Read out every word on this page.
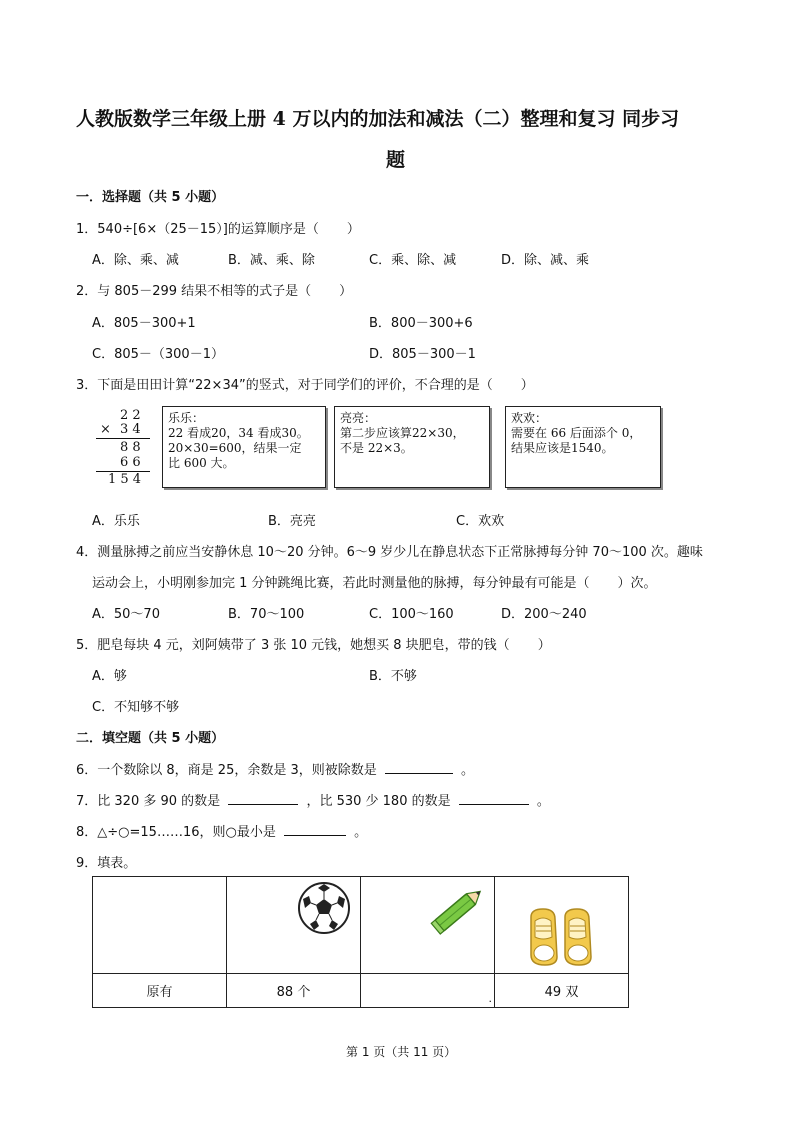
人教版数学三年级上册 4 万以内的加法和减法（二）整理和复习 同步习
题
一．选择题（共 5 小题）
1．540÷[6×（25－15）]的运算顺序是（ ）
A．除、乘、减	B．减、乘、除	C．乘、除、减	D．除、减、乘
2．与 805－299 结果不相等的式子是（ ）
A．805－300+1	B．800－300+6
C．805－（300－1）	D．805－300－1
3．下面是田田计算“22×34”的竖式，对于同学们的评价，不合理的是（ ）
2 2
× 3 4
8 8
6 6
1 5 4
乐乐：
22 看成20，34 看成30。
20×30=600，结果一定
比 600 大。
亮亮：
第二步应该算22×30，
不是 22×3。
欢欢：
需要在 66 后面添个 0，
结果应该是1540。
A．乐乐	B．亮亮	C．欢欢
4．测量脉搏之前应当安静休息 10～20 分钟。6～9 岁少儿在静息状态下正常脉搏每分钟 70～100 次。趣味
运动会上，小明刚参加完 1 分钟跳绳比赛，若此时测量他的脉搏，每分钟最有可能是（ ）次。
A．50～70	B．70～100	C．100～160	D．200～240
5．肥皂每块 4 元，刘阿姨带了 3 张 10 元钱，她想买 8 块肥皂，带的钱（ ）
A．够	B．不够
C．不知够不够
二．填空题（共 5 小题）
6．一个数除以 8，商是 25，余数是 3，则被除数是	。
7．比 320 多 90 的数是	，比 530 少 180 的数是	。
8．△÷○=15……16，则○最小是	。
9．填表。

原有	88 个	.	49 双
第 1 页（共 11 页）
